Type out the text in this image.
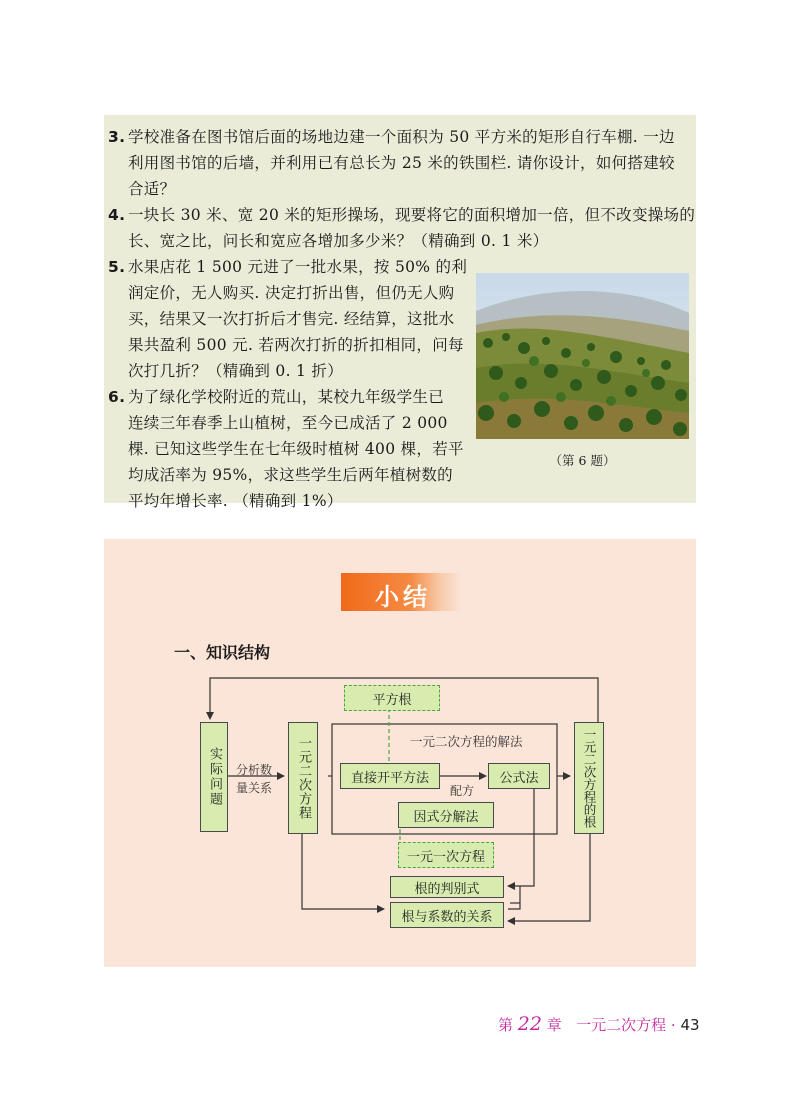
3. 学校准备在图书馆后面的场地边建一个面积为 50 平方米的矩形自行车棚. 一边
利用图书馆的后墙，并利用已有总长为 25 米的铁围栏. 请你设计，如何搭建较
合适？
4. 一块长 30 米、宽 20 米的矩形操场，现要将它的面积增加一倍，但不改变操场的
长、宽之比，问长和宽应各增加多少米？（精确到 0. 1 米）
5. 水果店花 1 500 元进了一批水果，按 50% 的利
润定价，无人购买. 决定打折出售，但仍无人购
买，结果又一次打折后才售完. 经结算，这批水
果共盈利 500 元. 若两次打折的折扣相同，问每
次打几折？（精确到 0. 1 折）
6. 为了绿化学校附近的荒山，某校九年级学生已
连续三年春季上山植树，至今已成活了 2 000
棵. 已知这些学生在七年级时植树 400 棵，若平
均成活率为 95%，求这些学生后两年植树数的
平均年增长率. （精确到 1%）
（第 6 题）
小结
一、知识结构
实际问题 分析数
量关系 一元二次方程
平方根
一元二次方程的解法
直接开平方法
配方
公式法
因式分解法
一元一次方程
一元二次方程的根
根的判别式
根与系数的关系
第 22 章 一元二次方程 · 43
